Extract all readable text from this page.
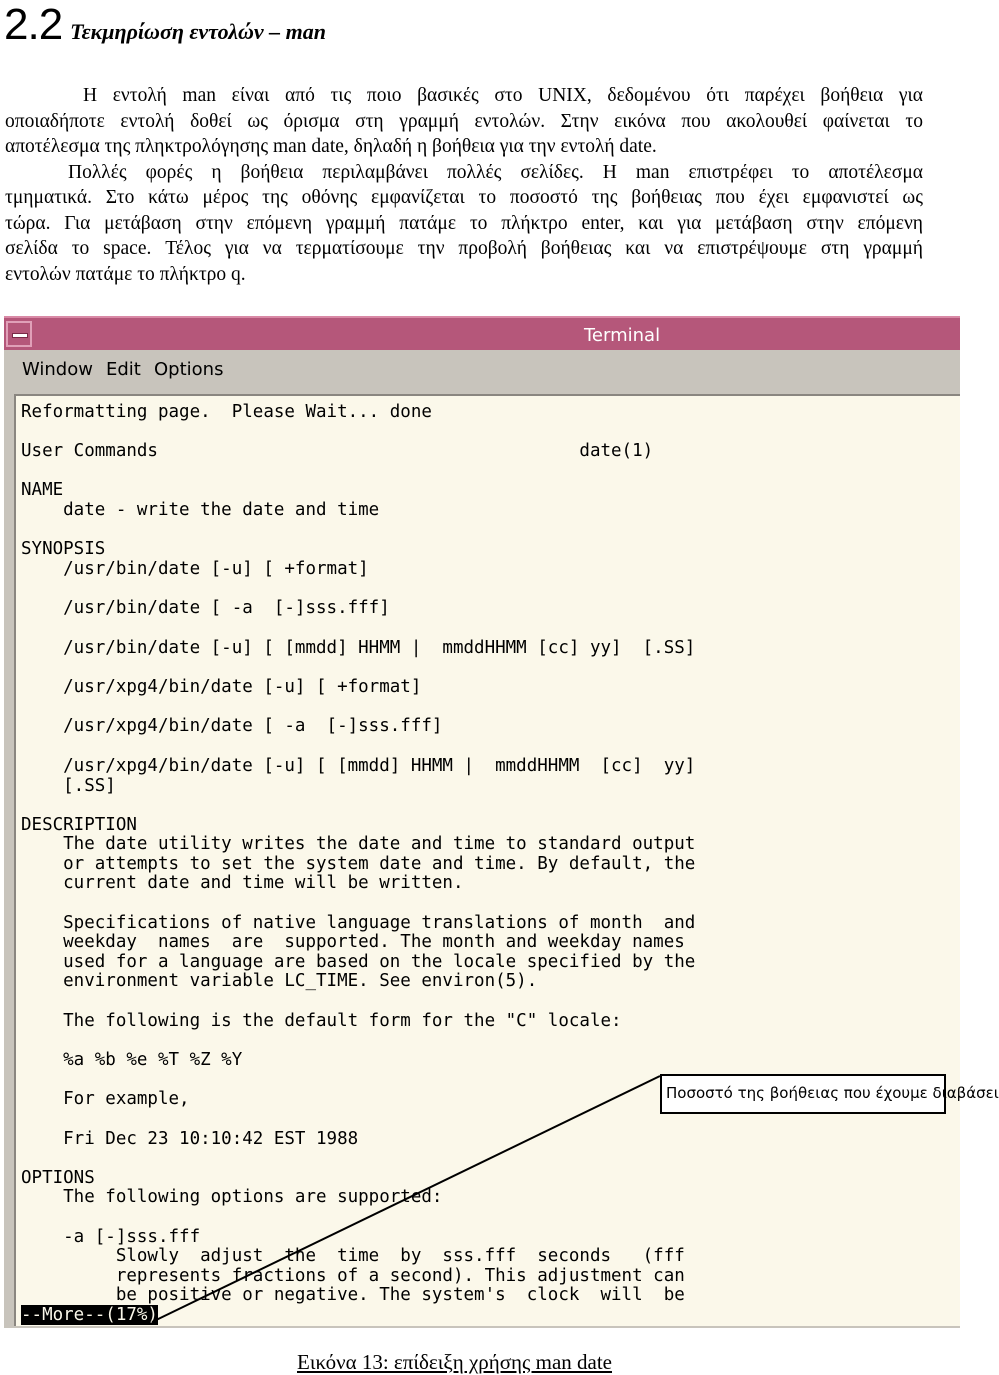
2.2 Τεκμηρίωση εντολών – man
Η εντολή man είναι από τις ποιο βασικές στο UNIX, δεδομένου ότι παρέχει βοήθεια για
οποιαδήποτε εντολή δοθεί ως όρισμα στη γραμμή εντολών. Στην εικόνα που ακολουθεί φαίνεται το
αποτέλεσμα της πληκτρολόγησης man date, δηλαδή η βοήθεια για την εντολή date.
Πολλές φορές η βοήθεια περιλαμβάνει πολλές σελίδες. Η man επιστρέφει το αποτέλεσμα
τμηματικά. Στο κάτω μέρος της οθόνης εμφανίζεται το ποσοστό της βοήθειας που έχει εμφανιστεί ως
τώρα. Για μετάβαση στην επόμενη γραμμή πατάμε το πλήκτρο enter, και για μετάβαση στην επόμενη
σελίδα το space. Τέλος για να τερματίσουμε την προβολή βοήθειας και να επιστρέψουμε στη γραμμή
εντολών πατάμε το πλήκτρο q.
Terminal
Window Edit Options
Reformatting page.  Please Wait... done
User Commands                                        date(1)
NAME
date - write the date and time
SYNOPSIS
/usr/bin/date [-u] [ +format]
/usr/bin/date [ -a  [-]sss.fff]
/usr/bin/date [-u] [ [mmdd] HHMM |  mmddHHMM [cc] yy]  [.SS]
/usr/xpg4/bin/date [-u] [ +format]
/usr/xpg4/bin/date [ -a  [-]sss.fff]
/usr/xpg4/bin/date [-u] [ [mmdd] HHMM |  mmddHHMM  [cc]  yy]
[.SS]
DESCRIPTION
The date utility writes the date and time to standard output
or attempts to set the system date and time. By default, the
current date and time will be written.
Specifications of native language translations of month  and
weekday  names  are  supported. The month and weekday names
used for a language are based on the locale specified by the
environment variable LC_TIME. See environ(5).
The following is the default form for the "C" locale:
%a %b %e %T %Z %Y
For example,
Fri Dec 23 10:10:42 EST 1988
OPTIONS
The following options are supported:
-a [-]sss.fff
Slowly  adjust  the  time  by  sss.fff  seconds   (fff
represents fractions of a second). This adjustment can
be positive or negative. The system's  clock  will  be
--More--(17%)
Ποσοστό της βοήθειας που έχουμε διαβάσει
Εικόνα 13: επίδειξη χρήσης man date
